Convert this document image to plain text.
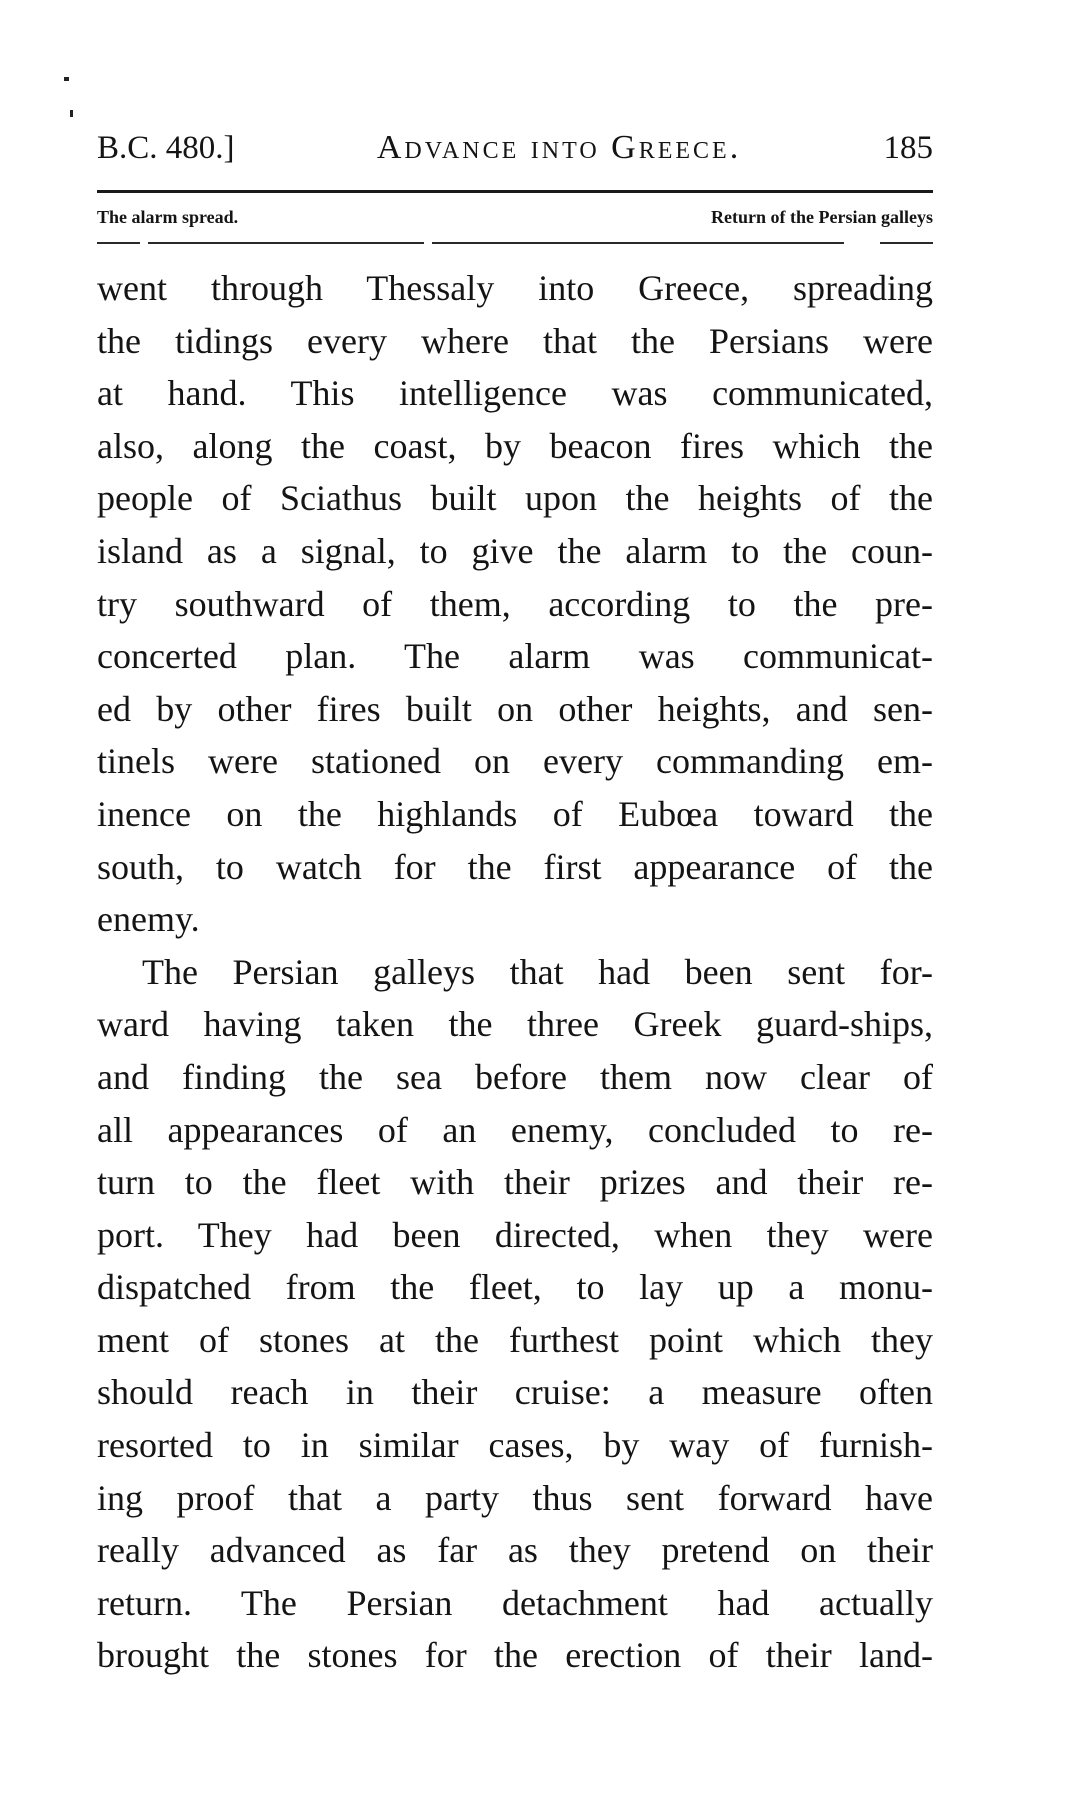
B.C. 480.]	Advance into Greece.	185
The alarm spread.	Return of the Persian galleys
went through Thessaly into Greece, spreading
the tidings every where that the Persians were
at hand. This intelligence was communicated,
also, along the coast, by beacon fires which the
people of Sciathus built upon the heights of the
island as a signal, to give the alarm to the coun-
try southward of them, according to the pre-
concerted plan. The alarm was communicat-
ed by other fires built on other heights, and sen-
tinels were stationed on every commanding em-
inence on the highlands of Eubœa toward the
south, to watch for the first appearance of the
enemy.
The Persian galleys that had been sent for-
ward having taken the three Greek guard-ships,
and finding the sea before them now clear of
all appearances of an enemy, concluded to re-
turn to the fleet with their prizes and their re-
port. They had been directed, when they were
dispatched from the fleet, to lay up a monu-
ment of stones at the furthest point which they
should reach in their cruise: a measure often
resorted to in similar cases, by way of furnish-
ing proof that a party thus sent forward have
really advanced as far as they pretend on their
return. The Persian detachment had actually
brought the stones for the erection of their land-
